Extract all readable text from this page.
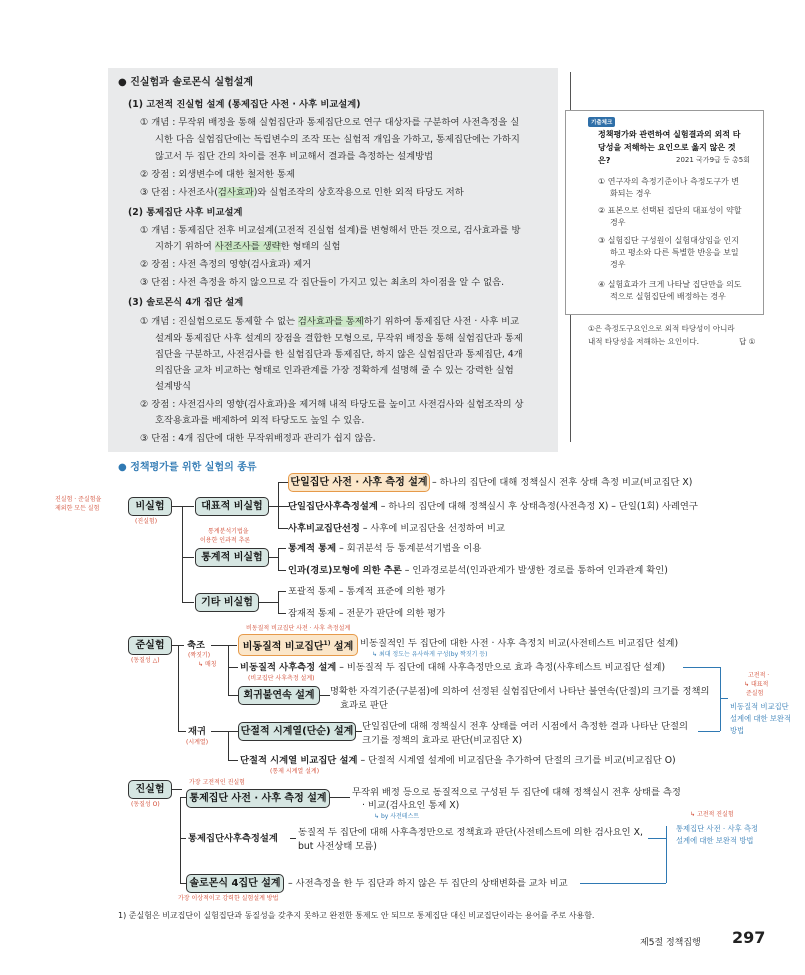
● 진실험과 솔로몬식 실험설계
(1) 고전적 진실험 설계 (통제집단 사전 · 사후 비교설계)
① 개념 : 무작위 배정을 통해 실험집단과 통제집단으로 연구 대상자를 구분하여 사전측정을 실
시한 다음 실험집단에는 독립변수의 조작 또는 실험적 개입을 가하고, 통제집단에는 가하지
않고서 두 집단 간의 차이를 전후 비교해서 결과를 측정하는 설계방법
② 장점 : 외생변수에 대한 철저한 통제
③ 단점 : 사전조사(검사효과)와 실험조작의 상호작용으로 인한 외적 타당도 저하
(2) 통제집단 사후 비교설계
① 개념 : 통제집단 전후 비교설계(고전적 진실험 설계)를 변형해서 만든 것으로, 검사효과를 방
지하기 위하여 사전조사를 생략한 형태의 실험
② 장점 : 사전 측정의 영향(검사효과) 제거
③ 단점 : 사전 측정을 하지 않으므로 각 집단들이 가지고 있는 최초의 차이점을 알 수 없음.
(3) 솔로몬식 4개 집단 설계
① 개념 : 진실험으로도 통제할 수 없는 검사효과를 통제하기 위하여 통제집단 사전 · 사후 비교
설계와 통제집단 사후 설계의 장점을 결합한 모형으로, 무작위 배정을 통해 실험집단과 통제
집단을 구분하고, 사전검사를 한 실험집단과 통제집단, 하지 않은 실험집단과 통제집단, 4개
의집단을 교차 비교하는 형태로 인과관계를 가장 정확하게 설명해 줄 수 있는 강력한 실험
설계방식
② 장점 : 사전검사의 영향(검사효과)을 제거해 내적 타당도를 높이고 사전검사와 실험조작의 상
호작용효과를 배제하여 외적 타당도도 높일 수 있음.
③ 단점 : 4개 집단에 대한 무작위배정과 관리가 쉽지 않음.
기출체크
정책평가와 관련하여 실험결과의 외적 타
당성을 저해하는 요인으로 옳지 않은 것
은?	2021 국가9급 등 총5회
① 연구자의 측정기준이나 측정도구가 변
화되는 경우
② 표본으로 선택된 집단의 대표성이 약할
경우
③ 실험집단 구성원이 실험대상임을 인지
하고 평소와 다른 특별한 반응을 보일
경우
④ 실험효과가 크게 나타날 집단만을 의도
적으로 실험집단에 배정하는 경우
①은 측정도구요인으로 외적 타당성이 아니라
내적 타당성을 저해하는 요인이다.	답 ①
● 정책평가를 위한 실험의 종류
진실험 · 준실험을
제외한 모든 실험	비실험
(진실험)
대표적 비실험
단일집단 사전 · 사후 측정 설계 – 하나의 집단에 대해 정책실시 전후 상태 측정 비교(비교집단 X)
단일집단사후측정설계 – 하나의 집단에 대해 정책실시 후 상태측정(사전측정 X) – 단일(1회) 사례연구
사후비교집단선정 – 사후에 비교집단을 선정하여 비교
통계분석기법을
이용한 인과적 추론
통계적 비실험
통계적 통제 – 회귀분석 등 통계분석기법을 이용
인과(경로)모형에 의한 추론 – 인과경로분석(인과관계가 발생한 경로를 통하여 인과관계 확인)
기타 비실험
포괄적 통제 – 통계적 표준에 의한 평가
잠재적 통제 – 전문가 판단에 의한 평가
준실험
(동질성 △)
축조
(짝짓기)
↳ 매칭
비동질적 비교집단 사전 · 사후 측정설계
비동질적 비교집단$^{1)}$ 설계 비동질적인 두 집단에 대한 사전 · 사후 측정치 비교(사전테스트 비교집단 설계)
↳ 최대 정도는 유사하게 구성(by 짝짓기 등)
비동질적 사후측정 설계 – 비동질적 두 집단에 대해 사후측정만으로 효과 측정(사후테스트 비교집단 설계)
(비교집단 사후측정 설계)
회귀불연속 설계	명확한 자격기준(구분점)에 의하여 선정된 실험집단에서 나타난 불연속(단절)의 크기를 정책의
효과로 판단
재귀
(시계열)
단절적 시계열(단순) 설계 단일집단에 대해 정책실시 전후 상태를 여러 시점에서 측정한 결과 나타난 단절의
크기를 정책의 효과로 판단(비교집단 X)
단절적 시계열 비교집단 설계 – 단절적 시계열 설계에 비교집단을 추가하여 단절의 크기를 비교(비교집단 O)
(통제 시계열 설계)
고전적 ·
↳ 대표적
준실험
비동질적 비교집단
설계에 대한 보완적
방법
진실험
(동질성 O)
가장 고전적인 진실험
통제집단 사전 · 사후 측정 설계
무작위 배정 등으로 동질적으로 구성된 두 집단에 대해 정책실시 전후 상태를 측정
· 비교(검사요인 통제 X)
↳ by 사전테스트
통제집단사후측정설계
동질적 두 집단에 대해 사후측정만으로 정책효과 판단(사전테스트에 의한 검사요인 X,
but 사전상태 모름)
↳ 고전적 진실험
통제집단 사전 · 사후 측정
설계에 대한 보완적 방법
솔로몬식 4집단 설계 – 사전측정을 한 두 집단과 하지 않은 두 집단의 상태변화를 교차 비교
가장 이상적이고 강력한 실험설계 방법
1) 준실험은 비교집단이 실험집단과 동질성을 갖추지 못하고 완전한 통제도 안 되므로 통제집단 대신 비교집단이라는 용어를 주로 사용함.
제5절 정책집행 297
